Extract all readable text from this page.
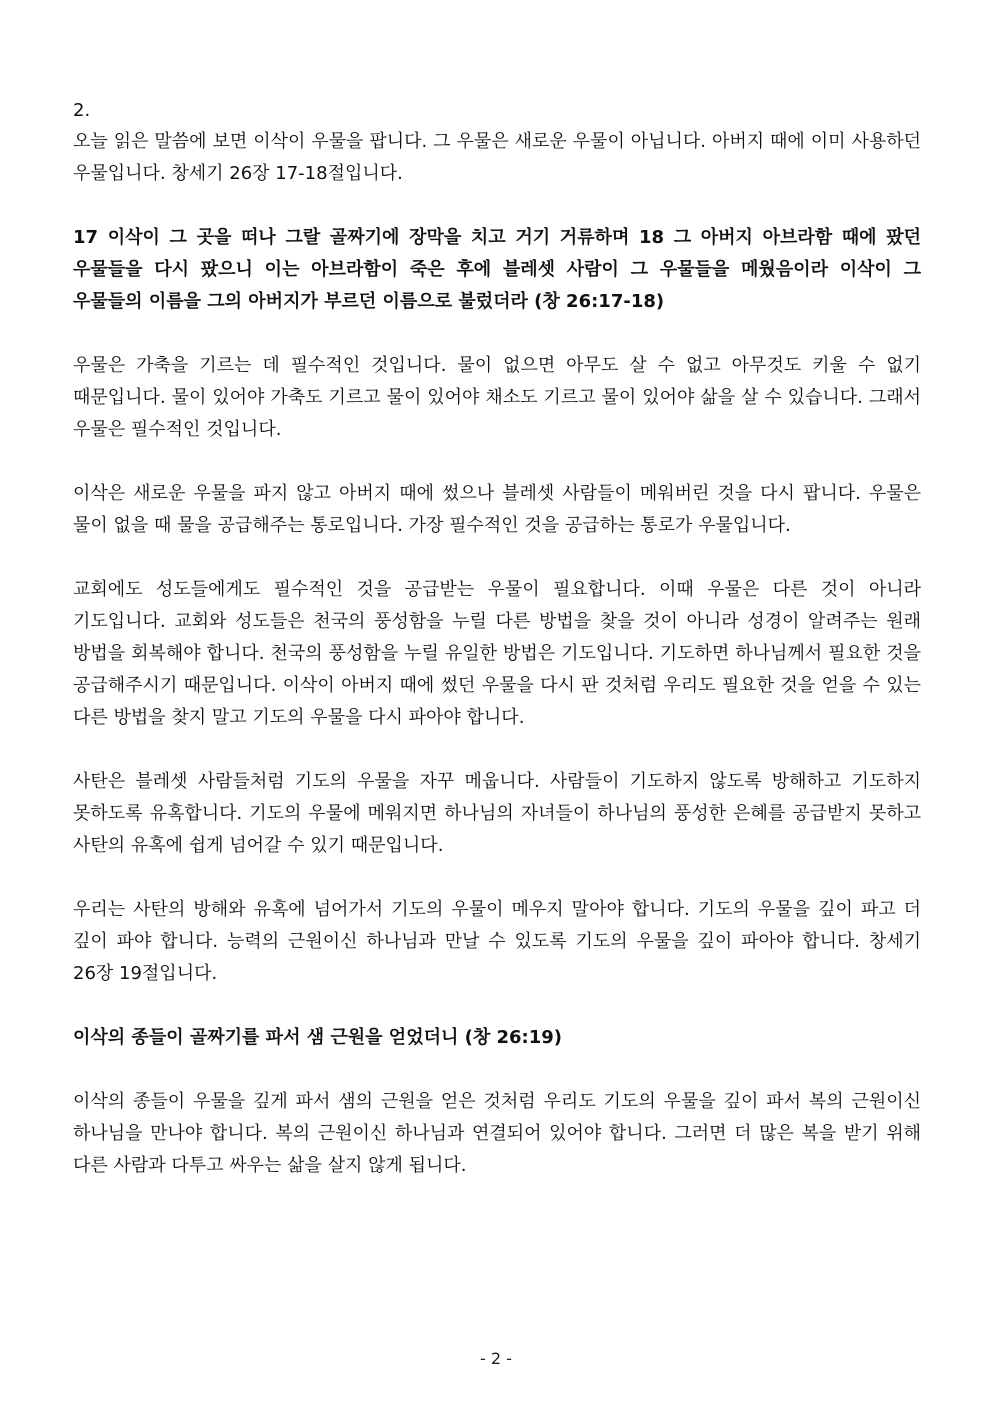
2.

오늘 읽은 말씀에 보면 이삭이 우물을 팝니다. 그 우물은 새로운 우물이 아닙니다. 아버지 때에 이미 사용하던 우물입니다. 창세기 26장 17-18절입니다.

17 이삭이 그 곳을 떠나 그랄 골짜기에 장막을 치고 거기 거류하며 18 그 아버지 아브라함 때에 팠던 우물들을 다시 팠으니 이는 아브라함이 죽은 후에 블레셋 사람이 그 우물들을 메웠음이라 이삭이 그 우물들의 이름을 그의 아버지가 부르던 이름으로 불렀더라 (창 26:17-18)

우물은 가축을 기르는 데 필수적인 것입니다. 물이 없으면 아무도 살 수 없고 아무것도 키울 수 없기 때문입니다. 물이 있어야 가축도 기르고 물이 있어야 채소도 기르고 물이 있어야 삶을 살 수 있습니다. 그래서 우물은 필수적인 것입니다.

이삭은 새로운 우물을 파지 않고 아버지 때에 썼으나 블레셋 사람들이 메워버린 것을 다시 팝니다. 우물은 물이 없을 때 물을 공급해주는 통로입니다. 가장 필수적인 것을 공급하는 통로가 우물입니다.

교회에도 성도들에게도 필수적인 것을 공급받는 우물이 필요합니다. 이때 우물은 다른 것이 아니라 기도입니다. 교회와 성도들은 천국의 풍성함을 누릴 다른 방법을 찾을 것이 아니라 성경이 알려주는 원래 방법을 회복해야 합니다. 천국의 풍성함을 누릴 유일한 방법은 기도입니다. 기도하면 하나님께서 필요한 것을 공급해주시기 때문입니다. 이삭이 아버지 때에 썼던 우물을 다시 판 것처럼 우리도 필요한 것을 얻을 수 있는 다른 방법을 찾지 말고 기도의 우물을 다시 파아야 합니다.

사탄은 블레셋 사람들처럼 기도의 우물을 자꾸 메웁니다. 사람들이 기도하지 않도록 방해하고 기도하지 못하도록 유혹합니다. 기도의 우물에 메워지면 하나님의 자녀들이 하나님의 풍성한 은혜를 공급받지 못하고 사탄의 유혹에 쉽게 넘어갈 수 있기 때문입니다.

우리는 사탄의 방해와 유혹에 넘어가서 기도의 우물이 메우지 말아야 합니다. 기도의 우물을 깊이 파고 더 깊이 파야 합니다. 능력의 근원이신 하나님과 만날 수 있도록 기도의 우물을 깊이 파아야 합니다. 창세기 26장 19절입니다.

이삭의 종들이 골짜기를 파서 샘 근원을 얻었더니 (창 26:19)

이삭의 종들이 우물을 깊게 파서 샘의 근원을 얻은 것처럼 우리도 기도의 우물을 깊이 파서 복의 근원이신 하나님을 만나야 합니다. 복의 근원이신 하나님과 연결되어 있어야 합니다. 그러면 더 많은 복을 받기 위해 다른 사람과 다투고 싸우는 삶을 살지 않게 됩니다.

- 2 -
